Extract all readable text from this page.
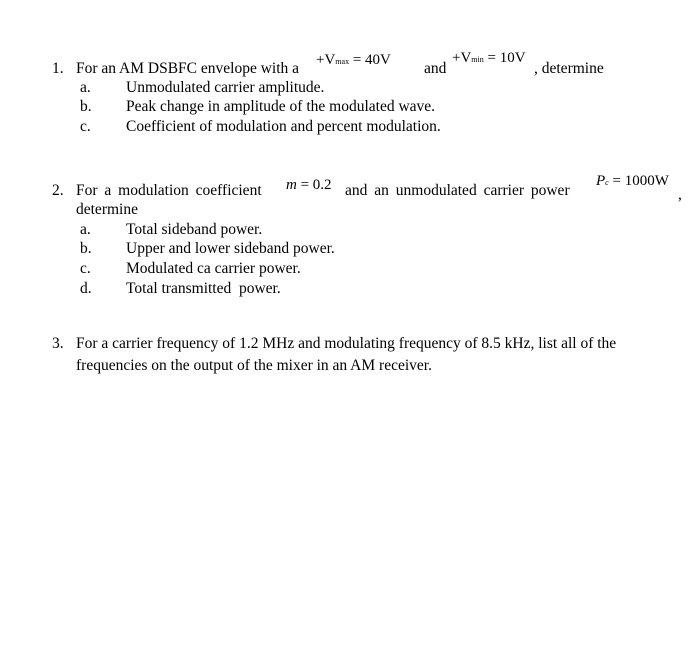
1. For an AM DSBFC envelope with a +Vmax = 40V and
+Vmin = 10V
, determine
a. Unmodulated carrier amplitude.
b. Peak change in amplitude of the modulated wave.
c. Coefficient of modulation and percent modulation.
2. For a modulation coefficient m = 0.2 and an unmodulated carrier power
Pc = 1000W
,
determine
a. Total sideband power.
b. Upper and lower sideband power.
c. Modulated ca carrier power.
d. Total transmitted  power.
3. For a carrier frequency of 1.2 MHz and modulating frequency of 8.5 kHz, list all of the
frequencies on the output of the mixer in an AM receiver.
